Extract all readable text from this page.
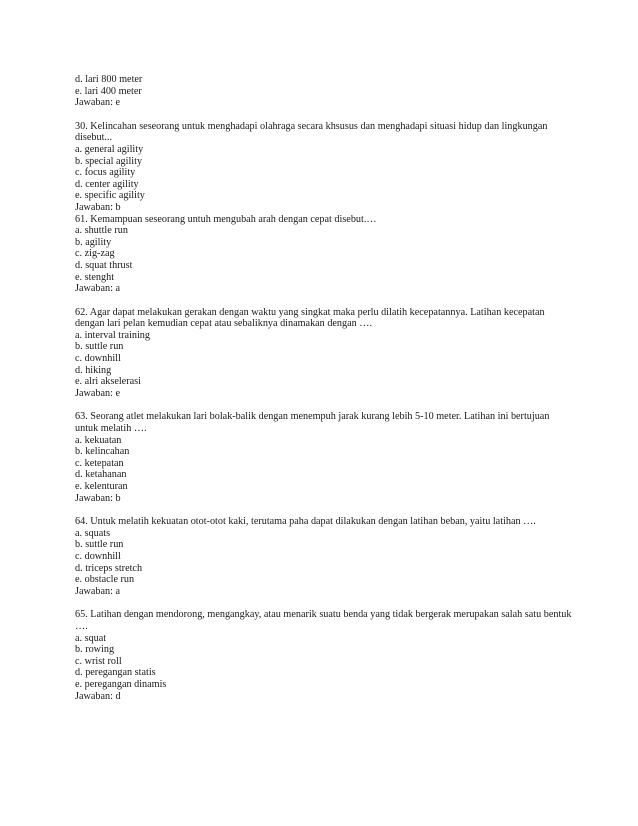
d. lari 800 meter
e. lari 400 meter
Jawaban: e
30. Kelincahan seseorang untuk menghadapi olahraga secara khsusus dan menghadapi situasi hidup dan lingkungan disebut...
a. general agility
b. special agility
c. focus agility
d. center agility
e. specific agility
Jawaban: b
61. Kemampuan seseorang untuh mengubah arah dengan cepat disebut.…
a. shuttle run
b. agility
c. zig-zag
d. squat thrust
e. stenght
Jawaban: a
62. Agar dapat melakukan gerakan dengan waktu yang singkat maka perlu dilatih kecepatannya. Latihan kecepatan dengan lari pelan kemudian cepat atau sebaliknya dinamakan dengan ….
a. interval training
b. suttle run
c. downhill
d. hiking
e. alri akselerasi
Jawaban: e
63. Seorang atlet melakukan lari bolak-balik dengan menempuh jarak kurang lebih 5-10 meter. Latihan ini bertujuan untuk melatih ….
a. kekuatan
b. kelincahan
c. ketepatan
d. ketahanan
e. kelenturan
Jawaban: b
64. Untuk melatih kekuatan otot-otot kaki, terutama paha dapat dilakukan dengan latihan beban, yaitu latihan ….
a. squats
b. suttle run
c. downhill
d. triceps stretch
e. obstacle run
Jawaban: a
65. Latihan dengan mendorong, mengangkay, atau menarik suatu benda yang tidak bergerak merupakan salah satu bentuk ….
a. squat
b. rowing
c. wrist roll
d. peregangan statis
e. peregangan dinamis
Jawaban: d
